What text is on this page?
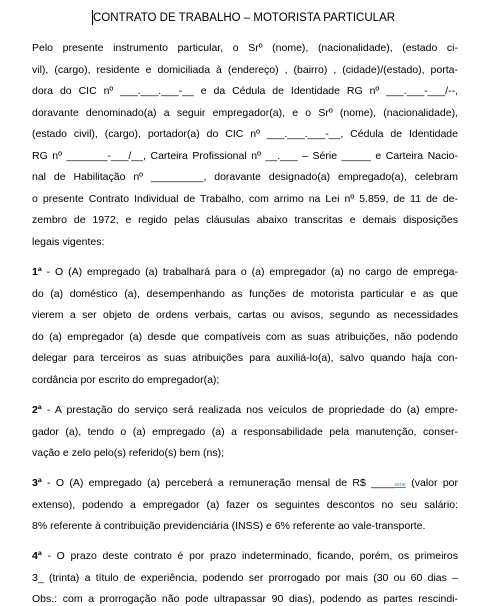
CONTRATO DE TRABALHO – MOTORISTA PARTICULAR
Pelo presente instrumento particular, o Srº (nome), (nacionalidade), (estado ci-
vil), (cargo), residente e domiciliada à (endereço) , (bairro) , (cidade)/(estado), porta-
dora do CIC nº ___.___.___-__ e da Cédula de Identidade RG nº ___.___-___/--,
doravante denominado(a) a seguir empregador(a), e o Srº (nome), (nacionalidade),
(estado civil), (cargo), portador(a) do CIC nº ___.___.___-__, Cédula de Identidade
RG nº _______-___/__, Carteira Profissional nº __.___ – Série _____ e Carteira Nacio-
nal de Habilitação nº _________, doravante designado(a) empregado(a), celebram
o presente Contrato Individual de Trabalho, com arrimo na Lei nº 5.859, de 11 de de-
zembro de 1972, e regido pelas cláusulas abaixo transcritas e demais disposições
legais vigentes:
1ª - O (A) empregado (a) trabalhará para o (a) empregador (a) no cargo de emprega-
do (a) doméstico (a), desempenhando as funções de motorista particular e as que
vierem a ser objeto de ordens verbais, cartas ou avisos, segundo as necessidades
do (a) empregador (a) desde que compatíveis com as suas atribuições, não podendo
delegar para terceiros as suas atribuições para auxiliá-lo(a), salvo quando haja con-
cordância por escrito do empregador(a);
2ª - A prestação do serviço será realizada nos veículos de propriedade do (a) empre-
gador (a), tendo o (a) empregado (a) a responsabilidade pela manutenção, conser-
vação e zelo pelo(s) referido(s) bem (ns);
3ª - O (A) empregado (a) perceberá a remuneração mensal de R$ ____zerar (valor por
extenso), podendo a empregador (a) fazer os seguintes descontos no seu salário:
8% referente à contribuição previdenciária (INSS) e 6% referente ao vale-transporte.
4ª - O prazo deste contrato é por prazo indeterminado, ficando, porém, os primeiros
3_ (trinta) a título de experiência, podendo ser prorrogado por mais (30 ou 60 dias –
Obs.: com a prorrogação não pode ultrapassar 90 dias), podendo as partes rescindi-
